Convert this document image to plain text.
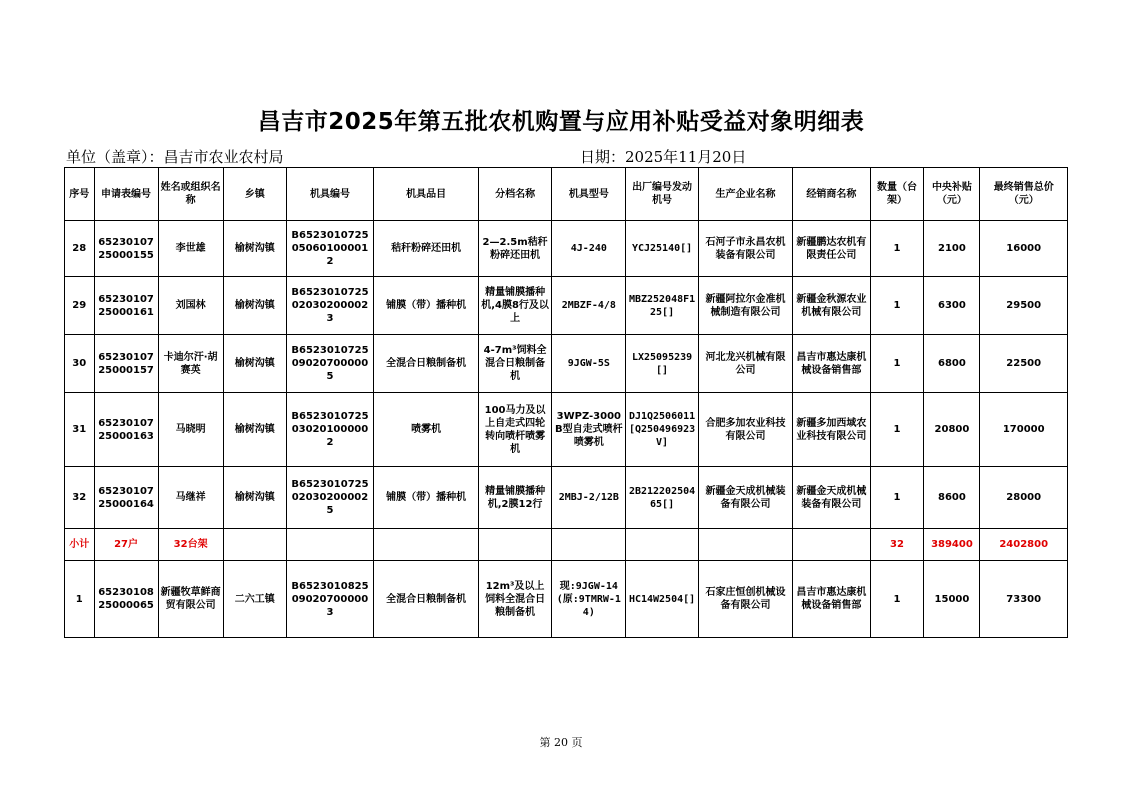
昌吉市2025年第五批农机购置与应用补贴受益对象明细表
单位（盖章）：昌吉市农业农村局	日期：2025年11月20日
序号	申请表编号	姓名或组织名称	乡镇	机具编号	机具品目	分档名称	机具型号	出厂编号发动机号	生产企业名称	经销商名称	数量（台架）	中央补贴（元）	最终销售总价（元）
28	6523010725000155	李世雄	榆树沟镇	B6523010725050601000012	秸秆粉碎还田机	2—2.5m秸秆粉碎还田机	4J-240	YCJ25140[]	石河子市永昌农机装备有限公司	新疆鹏达农机有限责任公司	1	2100	16000
29	6523010725000161	刘国林	榆树沟镇	B6523010725020302000023	铺膜（带）播种机	精量铺膜播种机,4膜8行及以上	2MBZF-4/8	MBZ252048F125[]	新疆阿拉尔金准机械制造有限公司	新疆金秋源农业机械有限公司	1	6300	29500
30	6523010725000157	卡迪尔汗·胡赛英	榆树沟镇	B6523010725090207000005	全混合日粮制备机	4-7m³饲料全混合日粮制备机	9JGW-5S	LX25095239[]	河北龙兴机械有限公司	昌吉市惠达康机械设备销售部	1	6800	22500
31	6523010725000163	马晓明	榆树沟镇	B6523010725030201000002	喷雾机	100马力及以上自走式四轮转向喷杆喷雾机	3WPZ-3000B型自走式喷杆喷雾机	DJ1Q2506011[Q250496923V]	合肥多加农业科技有限公司	新疆多加西域农业科技有限公司	1	20800	170000
32	6523010725000164	马继祥	榆树沟镇	B6523010725020302000025	铺膜（带）播种机	精量铺膜播种机,2膜12行	2MBJ-2/12B	2B21220250465[]	新疆金天成机械装备有限公司	新疆金天成机械装备有限公司	1	8600	28000
小计	27户	32台架									32	389400	2402800
1	6523010825000065	新疆牧草鲜商贸有限公司	二六工镇	B6523010825090207000003	全混合日粮制备机	12m³及以上饲料全混合日粮制备机	现:9JGW-14(原:9TMRW-14)	HC14W2504[]	石家庄恒创机械设备有限公司	昌吉市惠达康机械设备销售部	1	15000	73300
第 20 页
